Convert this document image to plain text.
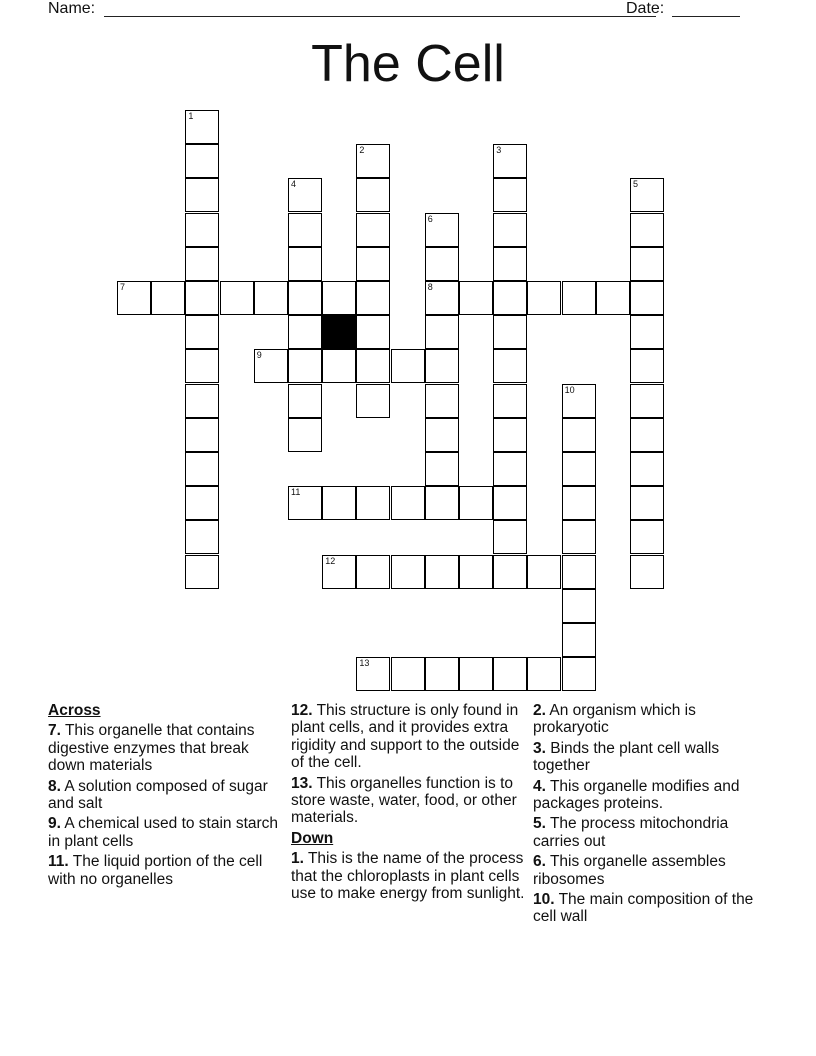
Name:	Date:
The Cell
1
2	3
4	5
6
8
7
9
10
11
12
13
Across
7. This organelle that contains digestive enzymes that break down materials
8. A solution composed of sugar and salt
9. A chemical used to stain starch in plant cells
11. The liquid portion of the cell with no organelles
12. This structure is only found in plant cells, and it provides extra rigidity and support to the outside of the cell.
13. This organelles function is to store waste, water, food, or other materials.
Down
1. This is the name of the process that the chloroplasts in plant cells use to make energy from sunlight.
2. An organism which is prokaryotic
3. Binds the plant cell walls together
4. This organelle modifies and packages proteins.
5. The process mitochondria carries out
6. This organelle assembles ribosomes
10. The main composition of the cell wall
